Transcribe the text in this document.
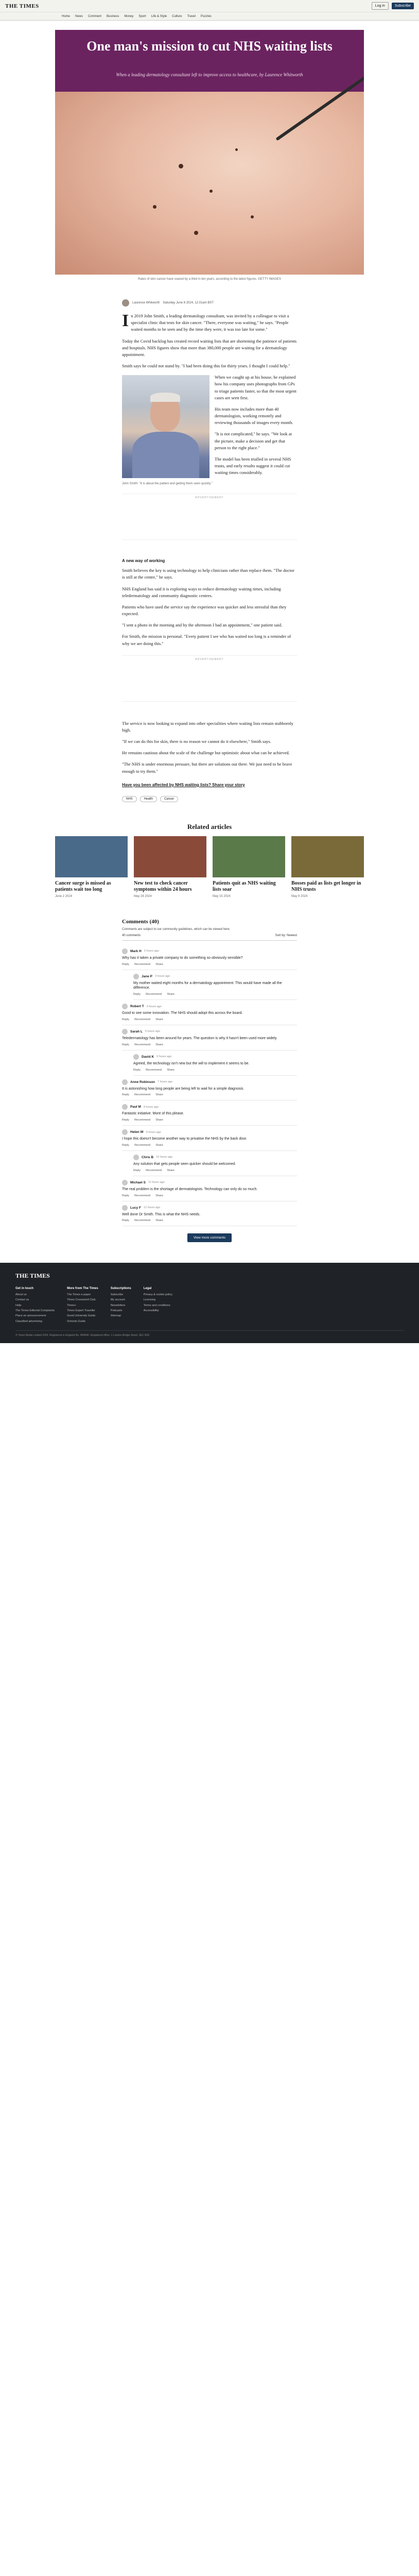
THE TIMES	Log in	Subscribe
Home News Comment Business Money Sport Life & Style Culture Travel Puzzles
One man's mission to cut NHS waiting lists
When a leading dermatology consultant left to improve access to healthcare, by Laurence Whitworth
Rates of skin cancer have soared by a third in ten years, according to the latest figures. GETTY IMAGES
Laurence Whitworth Saturday June 8 2024, 12.01am BST

In 2019 John Smith, a leading dermatology consultant, was invited by a colleague to visit a specialist clinic that tests for skin cancer. "There, everyone was waiting," he says. "People waited months to be seen and by the time they were, it was too late for some."

Today the Covid backlog has created record waiting lists that are shortening the patience of patients and hospitals. NHS figures show that more than 380,000 people are waiting for a dermatology appointment.

Smith says he could not stand by. "I had been doing this for thirty years. I thought I could help."

When we caught up at his house, he explained how his company uses photographs from GPs to triage patients faster, so that the most urgent cases are seen first.

His team now includes more than 40 dermatologists, working remotely and reviewing thousands of images every month.

"It is not complicated," he says. "We look at the picture, make a decision and get that person to the right place."

The model has been trialled in several NHS trusts, and early results suggest it could cut waiting times considerably.

John Smith: "It is about the patient and getting them seen quickly."
ADVERTISEMENT
A new way of working

Smith believes the key is using technology to help clinicians rather than replace them. "The doctor is still at the centre," he says.

NHS England has said it is exploring ways to reduce dermatology waiting times, including teledermatology and community diagnostic centres.

Patients who have used the service say the experience was quicker and less stressful than they expected.

"I sent a photo in the morning and by the afternoon I had an appointment," one patient said.

For Smith, the mission is personal. "Every patient I see who has waited too long is a reminder of why we are doing this."

ADVERTISEMENT

The service is now looking to expand into other specialities where waiting lists remain stubbornly high.

"If we can do this for skin, there is no reason we cannot do it elsewhere," Smith says.

He remains cautious about the scale of the challenge but optimistic about what can be achieved.

"The NHS is under enormous pressure, but there are solutions out there. We just need to be brave enough to try them."

Have you been affected by NHS waiting lists? Share your story
NHS	Health	Cancer
Related articles
Cancer surge is missed as patients wait too long
June 2 2024
New test to check cancer symptoms within 24 hours
May 28 2024
Patients quit as NHS waiting lists soar
May 15 2024
Bosses paid as lists get longer in NHS trusts
May 9 2024
Comments (40)
Comments are subject to our community guidelines, which can be viewed here.
40 comments	Sort by: Newest
Mark H 2 hours ago
Why has it taken a private company to do something so obviously sensible?
Reply Recommend Share
Jane P 3 hours ago
My mother waited eight months for a dermatology appointment. This would have made all the difference.
Reply Recommend Share
Robert T 4 hours ago
Good to see some innovation. The NHS should adopt this across the board.
Reply Recommend Share
Sarah L 5 hours ago
Teledermatology has been around for years. The question is why it hasn't been used more widely.
Reply Recommend Share
David K 6 hours ago
Agreed, the technology isn't new but the will to implement it seems to be.
Reply Recommend Share
Anne Robinson 7 hours ago
It is astonishing how long people are being left to wait for a simple diagnosis.
Reply Recommend Share
Paul M 8 hours ago
Fantastic initiative. More of this please.
Reply Recommend Share
Helen W 9 hours ago
I hope this doesn't become another way to privatise the NHS by the back door.
Reply Recommend Share
Chris B 10 hours ago
Any solution that gets people seen quicker should be welcomed.
Reply Recommend Share
Michael S 11 hours ago
The real problem is the shortage of dermatologists. Technology can only do so much.
Reply Recommend Share
Lucy F 12 hours ago
Well done Dr Smith. This is what the NHS needs.
Reply Recommend Share
View more comments
THE TIMES
Get in touch
About us
Contact us
Help
The Times Editorial Complaints
Place an announcement
Classified advertising

More from The Times
The Times e-paper
Times Crossword Club
Times+
Times Expert Traveller
Good University Guide
Schools Guide

Subscriptions
Subscribe
My account
Newsletters
Podcasts
Sitemap

Legal
Privacy & cookie policy
Licensing
Terms and conditions
Accessibility

© Times Media Limited 2024. Registered in England No. 894646. Registered office: 1 London Bridge Street, SE1 9GF.
